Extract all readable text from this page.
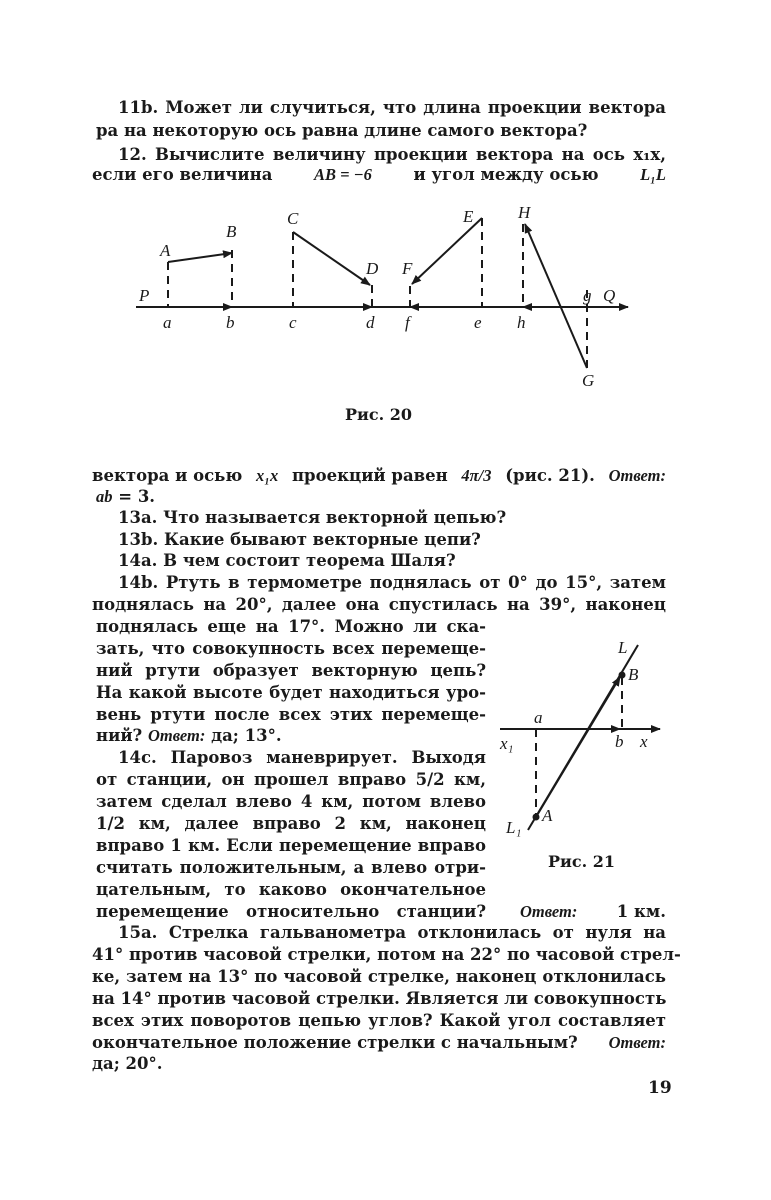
11b. Может ли случиться, что длина проекции вектора
ра на некоторую ось равна длине самого вектора?
12. Вычислите величину проекции вектора на ось x₁x,
если его величина	AB = −6	и угол между осью	L₁L
P	Q
A
B
C
D
E
F
H
G
a	b	c	d f	e h
g
Рис. 20
вектора и осью x₁x проекций равен 4π/3 (рис. 21). Ответ:
ab = 3.
13a. Что называется векторной цепью?
13b. Какие бывают векторные цепи?
14a. В чем состоит теорема Шаля?
14b. Ртуть в термометре поднялась от 0° до 15°, затем
поднялась на 20°, далее она спустилась на 39°, наконец
поднялась еще на 17°. Можно ли ска-
зать, что совокупность всех перемеще-
ний ртути образует векторную цепь?
На какой высоте будет находиться уро-
вень ртути после всех этих перемеще-
ний? Ответ: да; 13°.
14c. Паровоз маневрирует. Выходя
от станции, он прошел вправо 5/2 км,
затем сделал влево 4 км, потом влево
1/2 км, далее вправо 2 км, наконец
вправо 1 км. Если перемещение вправо
считать положительным, а влево отри-
цательным, то каково окончательное
перемещение относительно станции? Ответ: 1 км.
L
B
a
x₁	b x
L₁
A
Рис. 21
15a. Стрелка гальванометра отклонилась от нуля на
41° против часовой стрелки, потом на 22° по часовой стрел-
ке, затем на 13° по часовой стрелке, наконец отклонилась
на 14° против часовой стрелки. Является ли совокупность
всех этих поворотов цепью углов? Какой угол составляет
окончательное положение стрелки с начальным? Ответ:
да; 20°.
19
